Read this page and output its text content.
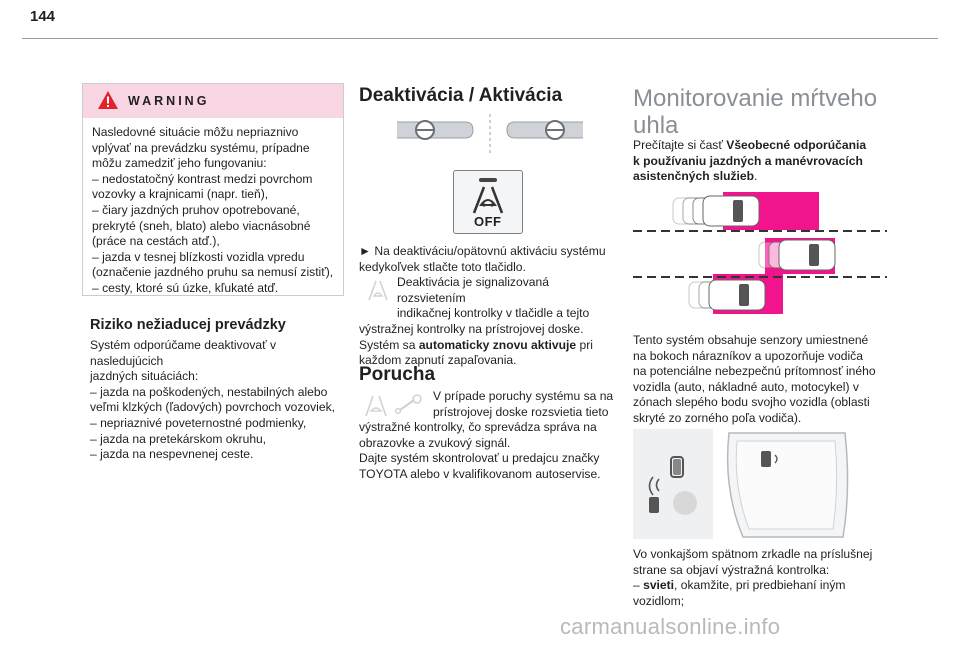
144
WARNING

Nasledovné situácie môžu nepriaznivo

vplývať na prevádzku systému, prípadne

môžu zamedziť jeho fungovaniu:

– nedostatočný kontrast medzi povrchom

vozovky a krajnicami (napr. tieň),

– čiary jazdných pruhov opotrebované,

prekryté (sneh, blato) alebo viacnásobné

(práce na cestách atď.),

– jazda v tesnej blízkosti vozidla vpredu

(označenie jazdného pruhu sa nemusí zistiť),

– cesty, ktoré sú úzke, kľukaté atď.

Riziko nežiaducej prevádzky

Systém odporúčame deaktivovať v nasledujúcich

jazdných situáciách:

– jazda na poškodených, nestabilných alebo

veľmi klzkých (ľadových) povrchoch vozoviek,

– nepriaznivé poveternostné podmienky,

– jazda na pretekárskom okruhu,

– jazda na nespevnenej ceste.

Deaktivácia / Aktivácia
OFF

► Na deaktiváciu/opätovnú aktiváciu systému

kedykoľvek stlačte toto tlačidlo.

Deaktivácia je signalizovaná rozsvietením

indikačnej kontrolky v tlačidle a tejto

výstražnej kontrolky na prístrojovej doske.

Systém sa automaticky znovu aktivuje pri

každom zapnutí zapaľovania.

Porucha

V prípade poruchy systému sa na

prístrojovej doske rozsvietia tieto

výstražné kontrolky, čo sprevádza správa na

obrazovke a zvukový signál.

Dajte systém skontrolovať u predajcu značky

TOYOTA alebo v kvalifikovanom autoservise.

Monitorovanie mŕtveho
uhla

Prečítajte si časť Všeobecné odporúčania

k používaniu jazdných a manévrovacích

asistenčných služieb.

Tento systém obsahuje senzory umiestnené

na bokoch nárazníkov a upozorňuje vodiča

na potenciálne nebezpečnú prítomnosť iného

vozidla (auto, nákladné auto, motocykel) v

zónach slepého bodu svojho vozidla (oblasti

skryté zo zorného poľa vodiča).

Vo vonkajšom spätnom zrkadle na príslušnej

strane sa objaví výstražná kontrolka:

– svieti, okamžite, pri predbiehaní iným

vozidlom;

carmanualsonline.info
